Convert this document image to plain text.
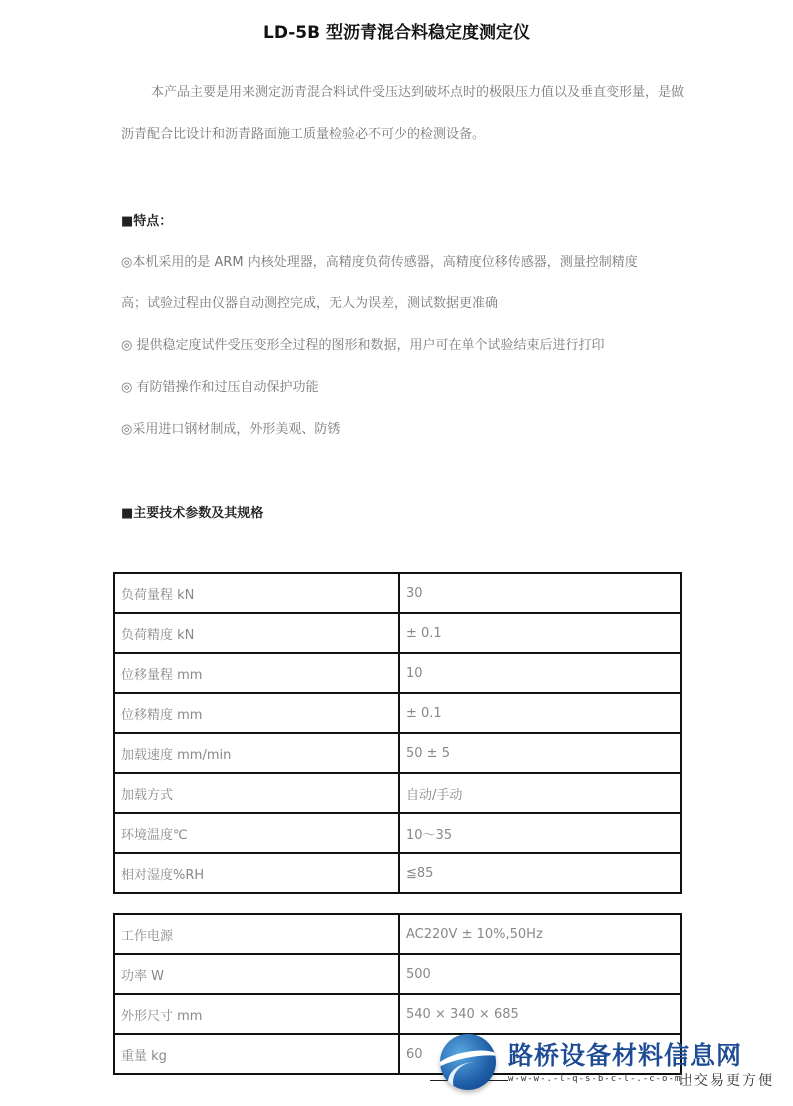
LD-5B 型沥青混合料稳定度测定仪
本产品主要是用来测定沥青混合料试件受压达到破坏点时的极限压力值以及垂直变形量，是做沥青配合比设计和沥青路面施工质量检验必不可少的检测设备。
■特点：
◎本机采用的是 ARM 内核处理器，高精度负荷传感器，高精度位移传感器，测量控制精度
高；试验过程由仪器自动测控完成，无人为误差，测试数据更准确
◎ 提供稳定度试件受压变形全过程的图形和数据，用户可在单个试验结束后进行打印
◎ 有防错操作和过压自动保护功能
◎采用进口钢材制成，外形美观、防锈
■主要技术参数及其规格
负荷量程 kN	30
负荷精度 kN	± 0.1
位移量程 mm	10
位移精度 mm	± 0.1
加载速度 mm/min	50 ± 5
加载方式	自动/手动
环境温度℃	10～35
相对湿度%RH	≦85
工作电源	AC220V ± 10%,50Hz
功率 W	500
外形尺寸 mm	540 × 340 × 685
重量 kg	60	路桥设备材料信息网
w-w-w-.-l-q-s-b-c-l-.-c-o-m—|—
让交易更方便
